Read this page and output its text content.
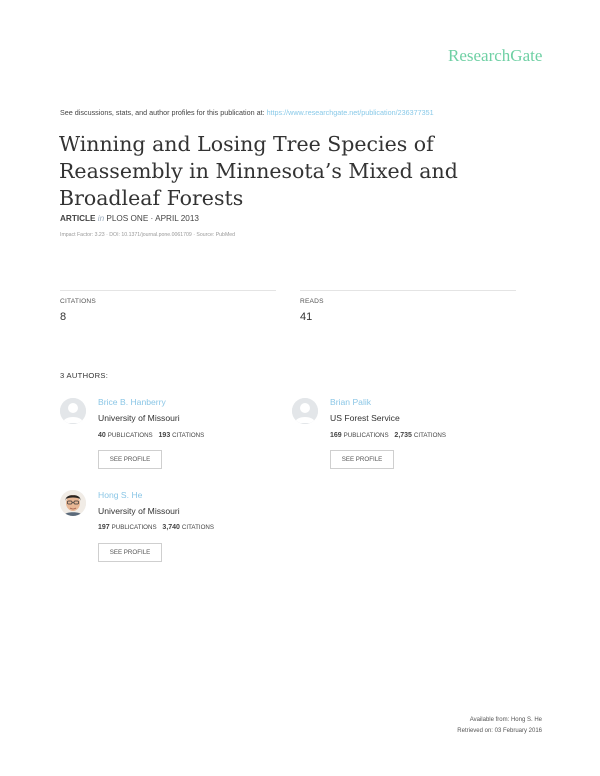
ResearchGate
See discussions, stats, and author profiles for this publication at: https://www.researchgate.net/publication/236377351
Winning and Losing Tree Species of Reassembly in Minnesota’s Mixed and Broadleaf Forests
ARTICLE in PLOS ONE · APRIL 2013
Impact Factor: 3.23 · DOI: 10.1371/journal.pone.0061709 · Source: PubMed
CITATIONS
8
READS
41
3 AUTHORS:
Brice B. Hanberry
University of Missouri
40 PUBLICATIONS 193 CITATIONS
SEE PROFILE
Brian Palik
US Forest Service
169 PUBLICATIONS 2,735 CITATIONS
SEE PROFILE
Hong S. He
University of Missouri
197 PUBLICATIONS 3,740 CITATIONS
SEE PROFILE
Available from: Hong S. He
Retrieved on: 03 February 2016
